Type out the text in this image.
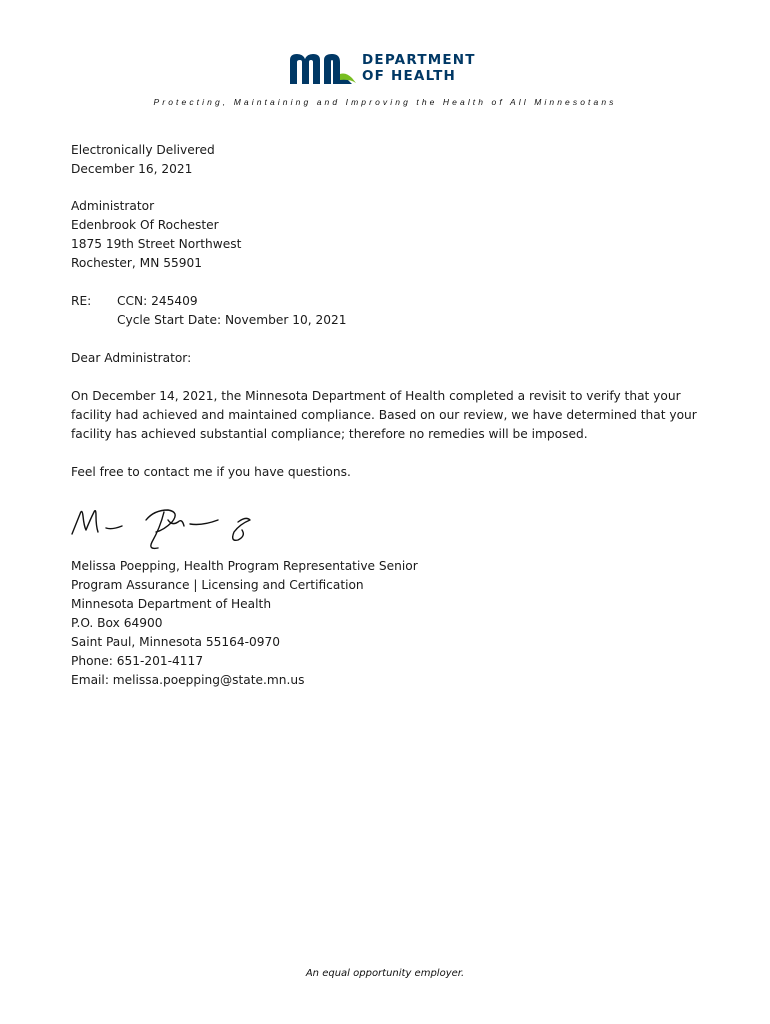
DEPARTMENT
OF HEALTH
Protecting, Maintaining and Improving the Health of All Minnesotans
Electronically Delivered
December 16, 2021
Administrator
Edenbrook Of Rochester
1875 19th Street Northwest
Rochester, MN 55901
RE: CCN: 245409
Cycle Start Date: November 10, 2021
Dear Administrator:
On December 14, 2021, the Minnesota Department of Health completed a revisit to verify that your
facility had achieved and maintained compliance. Based on our review, we have determined that your
facility has achieved substantial compliance; therefore no remedies will be imposed.
Feel free to contact me if you have questions.
Melissa Poepping, Health Program Representative Senior
Program Assurance | Licensing and Certification
Minnesota Department of Health
P.O. Box 64900
Saint Paul, Minnesota 55164-0970
Phone: 651-201-4117
Email: melissa.poepping@state.mn.us
An equal opportunity employer.
